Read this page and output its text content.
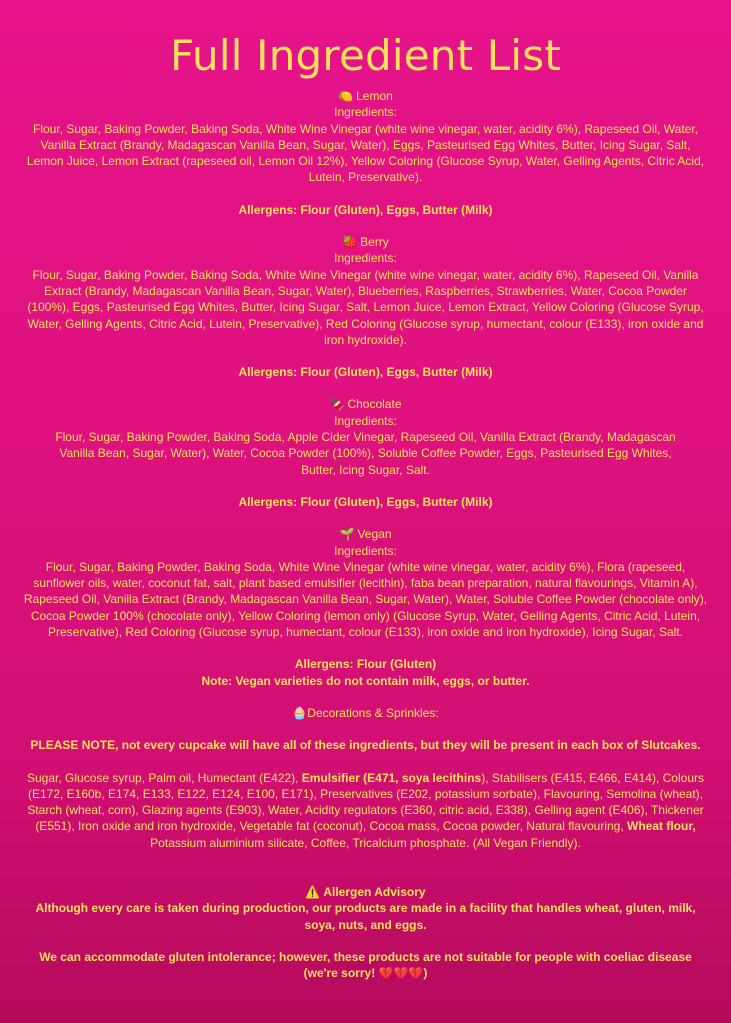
Full Ingredient List
🍋 Lemon
Ingredients:
Flour, Sugar, Baking Powder, Baking Soda, White Wine Vinegar (white wine vinegar, water, acidity 6%), Rapeseed Oil, Water, Vanilla Extract (Brandy, Madagascan Vanilla Bean, Sugar, Water), Eggs, Pasteurised Egg Whites, Butter, Icing Sugar, Salt, Lemon Juice, Lemon Extract (rapeseed oil, Lemon Oil 12%), Yellow Coloring (Glucose Syrup, Water, Gelling Agents, Citric Acid, Lutein, Preservative).
Allergens: Flour (Gluten), Eggs, Butter (Milk)
🍓 Berry
Ingredients:
Flour, Sugar, Baking Powder, Baking Soda, White Wine Vinegar (white wine vinegar, water, acidity 6%), Rapeseed Oil, Vanilla Extract (Brandy, Madagascan Vanilla Bean, Sugar, Water), Blueberries, Raspberries, Strawberries, Water, Cocoa Powder (100%), Eggs, Pasteurised Egg Whites, Butter, Icing Sugar, Salt, Lemon Juice, Lemon Extract, Yellow Coloring (Glucose Syrup, Water, Gelling Agents, Citric Acid, Lutein, Preservative), Red Coloring (Glucose syrup, humectant, colour (E133), iron oxide and iron hydroxide).
Allergens: Flour (Gluten), Eggs, Butter (Milk)
🍫 Chocolate
Ingredients:
Flour, Sugar, Baking Powder, Baking Soda, Apple Cider Vinegar, Rapeseed Oil, Vanilla Extract (Brandy, Madagascan Vanilla Bean, Sugar, Water), Water, Cocoa Powder (100%), Soluble Coffee Powder, Eggs, Pasteurised Egg Whites, Butter, Icing Sugar, Salt.
Allergens: Flour (Gluten), Eggs, Butter (Milk)
🌱 Vegan
Ingredients:
Flour, Sugar, Baking Powder, Baking Soda, White Wine Vinegar (white wine vinegar, water, acidity 6%), Flora (rapeseed, sunflower oils, water, coconut fat, salt, plant based emulsifier (lecithin), faba bean preparation, natural flavourings, Vitamin A), Rapeseed Oil, Vanilla Extract (Brandy, Madagascan Vanilla Bean, Sugar, Water), Water, Soluble Coffee Powder (chocolate only), Cocoa Powder 100% (chocolate only), Yellow Coloring (lemon only) (Glucose Syrup, Water, Gelling Agents, Citric Acid, Lutein, Preservative), Red Coloring (Glucose syrup, humectant, colour (E133), iron oxide and iron hydroxide), Icing Sugar, Salt.
Allergens: Flour (Gluten)
Note: Vegan varieties do not contain milk, eggs, or butter.
🧁Decorations & Sprinkles:
PLEASE NOTE, not every cupcake will have all of these ingredients, but they will be present in each box of Slutcakes.
Sugar, Glucose syrup, Palm oil, Humectant (E422), Emulsifier (E471, soya lecithins), Stabilisers (E415, E466, E414), Colours (E172, E160b, E174, E133, E122, E124, E100, E171), Preservatives (E202, potassium sorbate), Flavouring, Semolina (wheat), Starch (wheat, corn), Glazing agents (E903), Water, Acidity regulators (E360, citric acid, E338), Gelling agent (E406), Thickener (E551), Iron oxide and iron hydroxide, Vegetable fat (coconut), Cocoa mass, Cocoa powder, Natural flavouring, Wheat flour, Potassium aluminium silicate, Coffee, Tricalcium phosphate. (All Vegan Friendly).
⚠️ Allergen Advisory
Although every care is taken during production, our products are made in a facility that handles wheat, gluten, milk, soya, nuts, and eggs.
We can accommodate gluten intolerance; however, these products are not suitable for people with coeliac disease (we're sorry! 💔💔💔)
